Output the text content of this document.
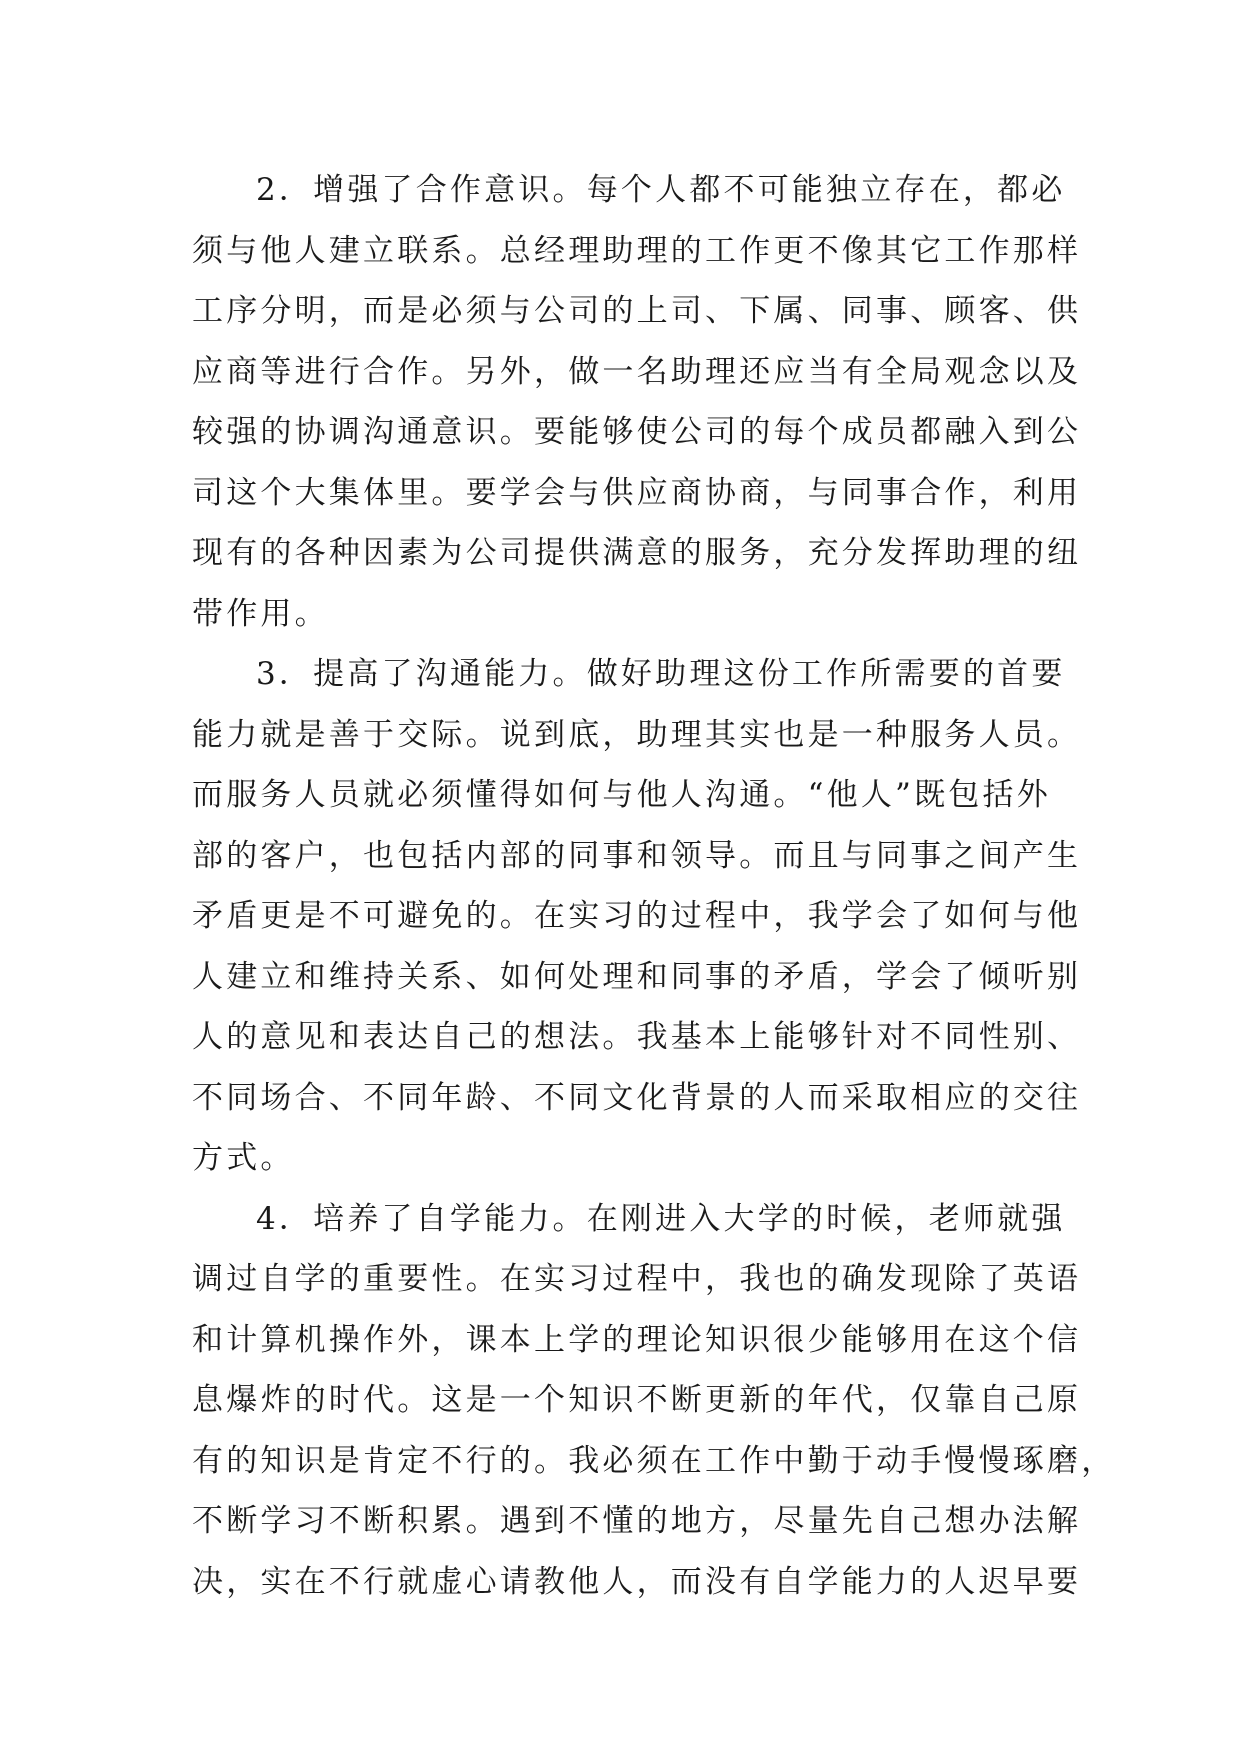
2．增强了合作意识。每个人都不可能独立存在，都必
须与他人建立联系。总经理助理的工作更不像其它工作那样
工序分明，而是必须与公司的上司、下属、同事、顾客、供
应商等进行合作。另外，做一名助理还应当有全局观念以及
较强的协调沟通意识。要能够使公司的每个成员都融入到公
司这个大集体里。要学会与供应商协商，与同事合作，利用
现有的各种因素为公司提供满意的服务，充分发挥助理的纽
带作用。
3．提高了沟通能力。做好助理这份工作所需要的首要
能力就是善于交际。说到底，助理其实也是一种服务人员。
而服务人员就必须懂得如何与他人沟通。“他人”既包括外
部的客户，也包括内部的同事和领导。而且与同事之间产生
矛盾更是不可避免的。在实习的过程中，我学会了如何与他
人建立和维持关系、如何处理和同事的矛盾，学会了倾听别
人的意见和表达自己的想法。我基本上能够针对不同性别、
不同场合、不同年龄、不同文化背景的人而采取相应的交往
方式。
4．培养了自学能力。在刚进入大学的时候，老师就强
调过自学的重要性。在实习过程中，我也的确发现除了英语
和计算机操作外，课本上学的理论知识很少能够用在这个信
息爆炸的时代。这是一个知识不断更新的年代，仅靠自己原
有的知识是肯定不行的。我必须在工作中勤于动手慢慢琢磨，
不断学习不断积累。遇到不懂的地方，尽量先自己想办法解
决，实在不行就虚心请教他人，而没有自学能力的人迟早要
